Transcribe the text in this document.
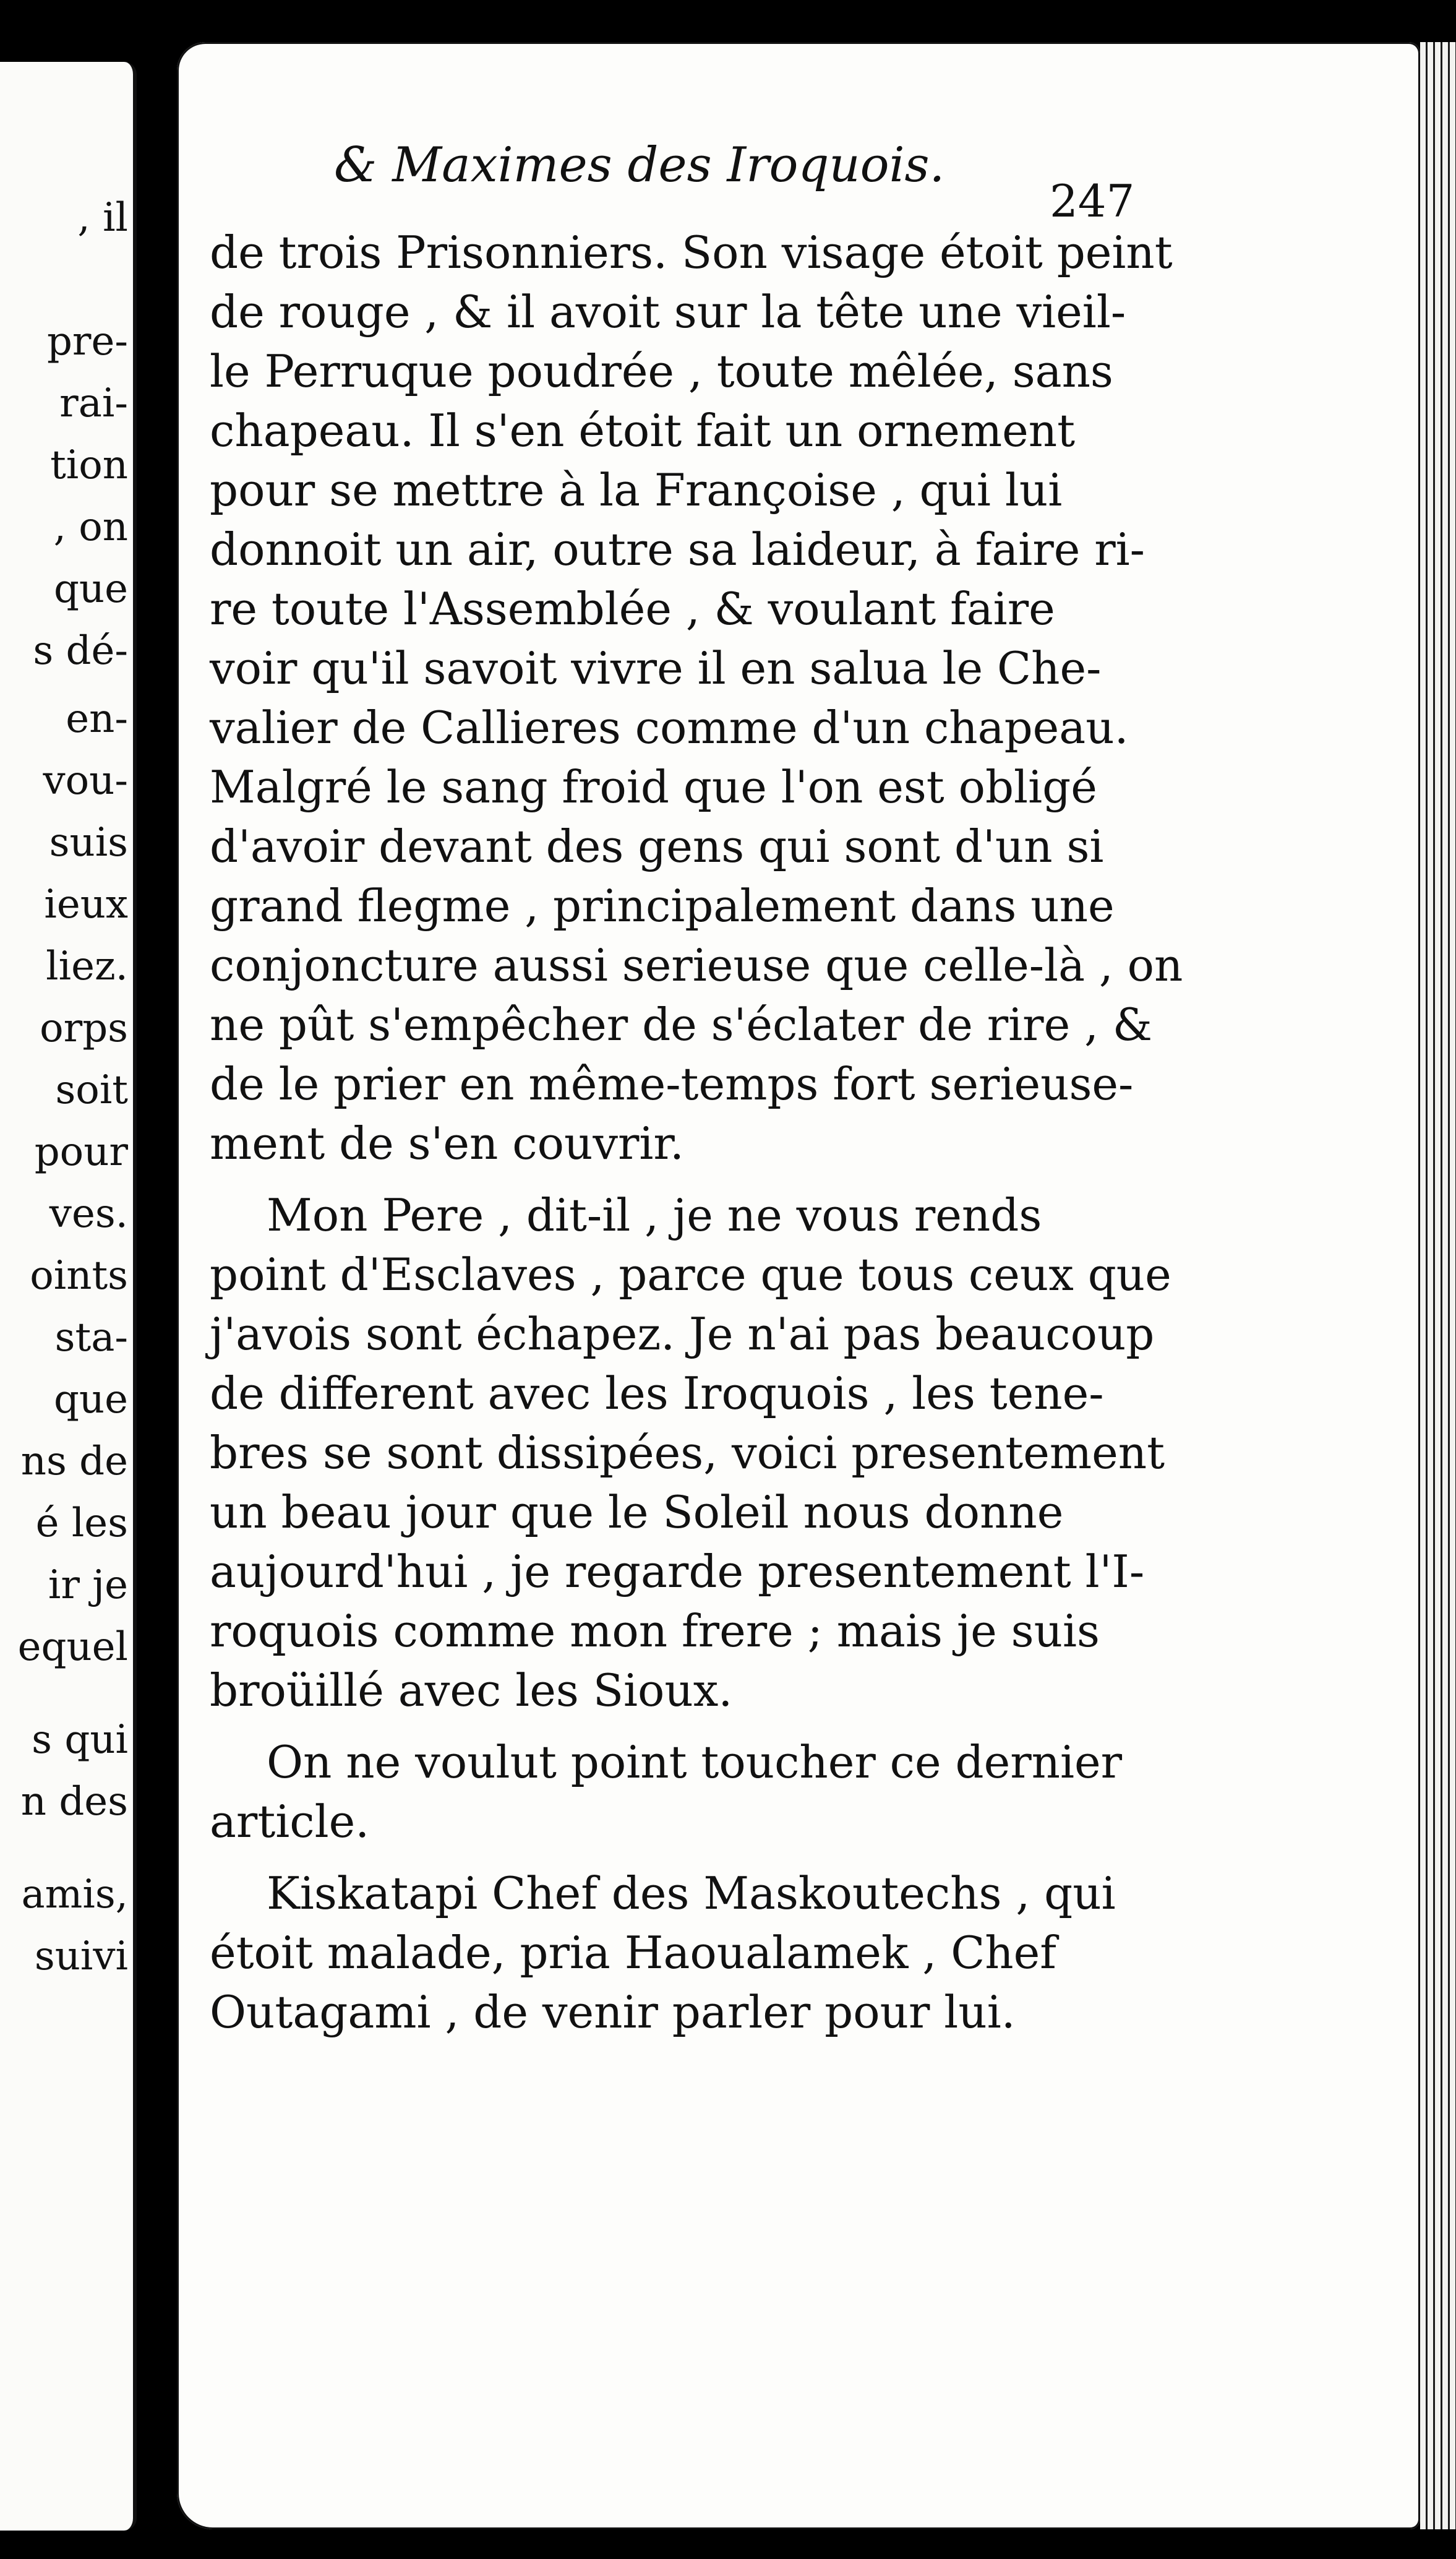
, il
pre-
rai-
tion
, on
que
s dé-
en-
vou-
suis
ieux
liez.
orps
soit
pour
ves.
oints
sta-
que
ns de
é les
ir je
equel
s qui
n des
amis,
suivi
& Maximes des Iroquois.
247
de trois Prisonniers. Son visage étoit peint
de rouge , & il avoit sur la tête une vieil-
le Perruque poudrée , toute mêlée, sans
chapeau. Il s'en étoit fait un ornement
pour se mettre à la Françoise , qui lui
donnoit un air, outre sa laideur, à faire ri-
re toute l'Assemblée , & voulant faire
voir qu'il savoit vivre il en salua le Che-
valier de Callieres comme d'un chapeau.
Malgré le sang froid que l'on est obligé
d'avoir devant des gens qui sont d'un si
grand flegme , principalement dans une
conjoncture aussi serieuse que celle-là , on
ne pût s'empêcher de s'éclater de rire , &
de le prier en même-temps fort serieuse-
ment de s'en couvrir.
Mon Pere , dit-il , je ne vous rends
point d'Esclaves , parce que tous ceux que
j'avois sont échapez. Je n'ai pas beaucoup
de different avec les Iroquois , les tene-
bres se sont dissipées, voici presentement
un beau jour que le Soleil nous donne
aujourd'hui , je regarde presentement l'I-
roquois comme mon frere ; mais je suis
broüillé avec les Sioux.
On ne voulut point toucher ce dernier
article.
Kiskatapi Chef des Maskoutechs , qui
étoit malade, pria Haoualamek , Chef
Outagami , de venir parler pour lui.
